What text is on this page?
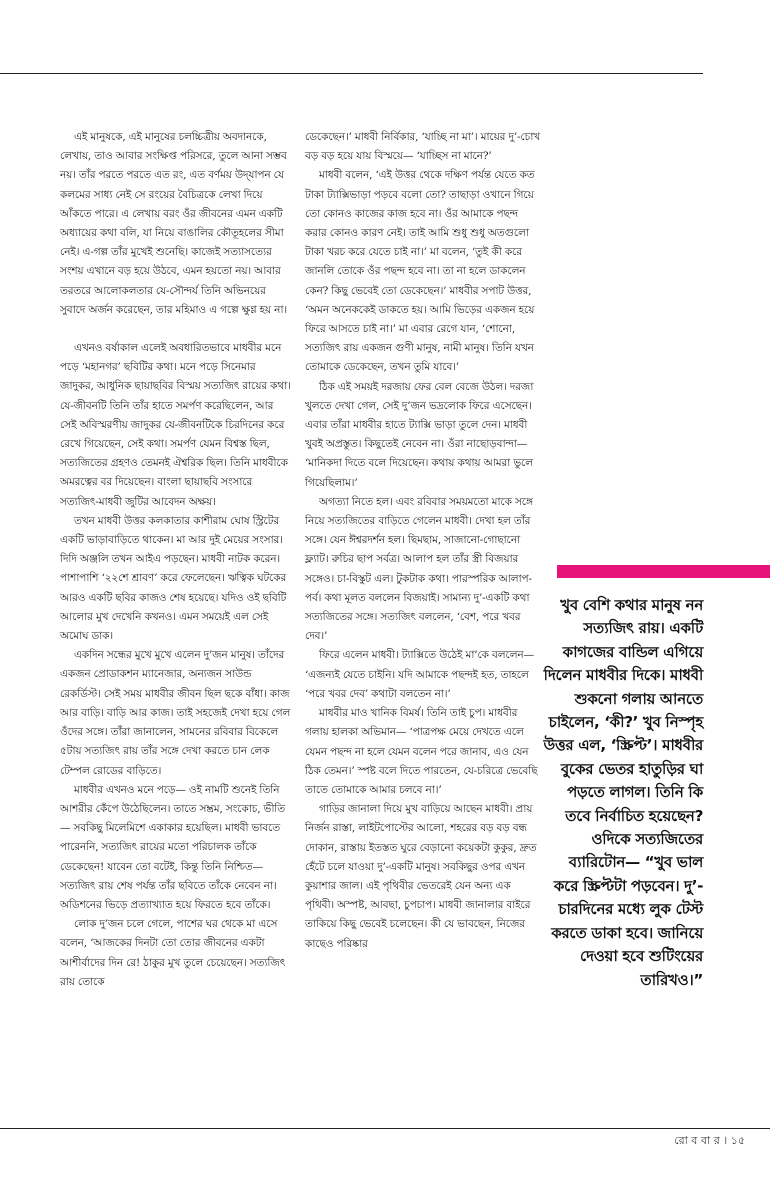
এই মানুষকে, এই মানুষের চলচ্চিত্রীয় অবদানকে, লেখায়, তাও আবার সংক্ষিপ্ত পরিসরে, তুলে আনা সম্ভব নয়। তাঁর পরতে পরতে এত রং, এত বর্ণময় উদ্‌যাপন যে কলমের সাধ্য নেই সে রংয়ের বৈচিত্রকে লেখা দিয়ে আঁকতে পারে। এ লেখায় বরং ওঁর জীবনের এমন একটি অধ্যায়ের কথা বলি, যা নিয়ে বাঙালির কৌতূহলের সীমা নেই। এ-গল্প তাঁর মুখেই শুনেছি। কাজেই সত্যাসত্যের সংশয় এখানে বড় হয়ে উঠবে, এমন হয়তো নয়। আবার তরতরে আলোকলতার যে-সৌন্দর্য তিনি অভিনয়ের সুবাদে অর্জন করেছেন, তার মহিমাও এ গল্পে ক্ষুণ্ণ হয় না।

এখনও বর্ষাকাল এলেই অবধারিতভাবে মাধবীর মনে পড়ে ‘মহানগর’ ছবিটির কথা। মনে পড়ে সিনেমার জাদুকর, আধুনিক ছায়াছবির বিস্ময় সত্যজিৎ রায়ের কথা। যে-জীবনটি তিনি তাঁর হাতে সমর্পণ করেছিলেন, আর সেই অবিস্মরণীয় জাদুকর যে-জীবনটিকে চিরদিনের করে রেখে গিয়েছেন, সেই কথা। সমর্পণ যেমন বিশ্বস্ত ছিল, সত্যজিতের গ্রহণও তেমনই ঐশ্বরিক ছিল। তিনি মাধবীকে অমরত্বের বর দিয়েছেন। বাংলা ছায়াছবি সংসারে সত্যজিৎ-মাধবী জুটির আবেদন অক্ষয়।

তখন মাধবী উত্তর কলকাতার কাশীরাম ঘোষ স্ট্রিটের একটি ভাড়াবাড়িতে থাকেন। মা আর দুই মেয়ের সংসার। দিদি অঞ্জলি তখন আইএ পড়ছেন। মাধবী নাটক করেন। পাশাপাশি ‘২২শে শ্রাবণ’ করে ফেলেছেন। ঋত্বিক ঘটকের আরও একটি ছবির কাজও শেষ হয়েছে। যদিও ওই ছবিটি আলোর মুখ দেখেনি কখনও। এমন সময়েই এল সেই অমোঘ ডাক।

একদিন সন্ধের মুখে মুখে এলেন দু’জন মানুষ। তাঁদের একজন প্রোডাকশন ম্যানেজার, অন্যজন সাউন্ড রেকর্ডিস্ট। সেই সময় মাধবীর জীবন ছিল ছকে বাঁধা। কাজ আর বাড়ি। বাড়ি আর কাজ। তাই সহজেই দেখা হয়ে গেল ওঁদের সঙ্গে। তাঁরা জানালেন, সামনের রবিবার বিকেলে ৫টায় সত্যজিৎ রায় তাঁর সঙ্গে দেখা করতে চান লেক টেম্পল রোডের বাড়িতে।

মাধবীর এখনও মনে পড়ে— ওই নামটি শুনেই তিনি আশরীর কেঁপে উঠেছিলেন। তাতে সম্ভ্রম, সংকোচ, ভীতি— সবকিছু মিলেমিশে একাকার হয়েছিল। মাধবী ভাবতে পারেননি, সত্যজিৎ রায়ের মতো পরিচালক তাঁকে ডেকেছেন! যাবেন তো বটেই, কিন্তু তিনি নিশ্চিত— সত্যজিৎ রায় শেষ পর্যন্ত তাঁর ছবিতে তাঁকে নেবেন না। অডিশনের ভিড়ে প্রত্যাখ্যাত হয়ে ফিরতে হবে তাঁকে।

লোক দু’জন চলে গেলে, পাশের ঘর থেকে মা এসে বলেন, ‘আজকের দিনটা তো তোর জীবনের একটা আশীর্বাদের দিন রে! ঠাকুর মুখ তুলে চেয়েছেন। সত্যজিৎ রায় তোকে

ডেকেছেন।’ মাধবী নির্বিকার, ‘যাচ্ছি না মা’। মায়ের দু’-চোখ বড় বড় হয়ে যায় বিস্ময়ে— ‘যাচ্ছিস না মানে?’

মাধবী বলেন, ‘এই উত্তর থেকে দক্ষিণ পর্যন্ত যেতে কত টাকা ট্যাক্সিভাড়া পড়বে বলো তো? তাছাড়া ওখানে গিয়ে তো কোনও কাজের কাজ হবে না। ওঁর আমাকে পছন্দ করার কোনও কারণ নেই। তাই আমি শুধু শুধু অতগুলো টাকা খরচ করে যেতে চাই না।’ মা বলেন, ‘তুই কী করে জানলি তোকে ওঁর পছন্দ হবে না। তা না হলে ডাকলেন কেন? কিছু ভেবেই তো ডেকেছেন।’ মাধবীর সপাট উত্তর, ‘অমন অনেককেই ডাকতে হয়। আমি ভিড়ের একজন হয়ে ফিরে আসতে চাই না।’ মা এবার রেগে যান, ‘শোনো, সত্যজিৎ রায় একজন গুণী মানুষ, নামী মানুষ। তিনি যখন তোমাকে ডেকেছেন, তখন তুমি যাবে।’

ঠিক এই সময়ই দরজায় ফের বেল বেজে উঠল। দরজা খুলতে দেখা গেল, সেই দু’জন ভদ্রলোক ফিরে এসেছেন। এবার তাঁরা মাধবীর হাতে ট্যাক্সি ভাড়া তুলে দেন। মাধবী খুবই অপ্রস্তুত। কিছুতেই নেবেন না। ওঁরা নাছোড়বান্দা— ‘মানিকদা দিতে বলে দিয়েছেন। কথায় কথায় আমরা ভুলে গিয়েছিলাম।’

অগত্যা নিতে হল। এবং রবিবার সময়মতো মাকে সঙ্গে নিয়ে সত্যজিতের বাড়িতে গেলেন মাধবী। দেখা হল তাঁর সঙ্গে। যেন ঈশ্বরদর্শন হল। ছিমছাম, সাজানো-গোছানো ফ্ল্যাট। রুচির ছাপ সর্বত্র। আলাপ হল তাঁর স্ত্রী বিজয়ার সঙ্গেও। চা-বিস্কুট এল। টুকটাক কথা। পারস্পরিক আলাপ-পর্ব। কথা মূলত বললেন বিজয়াই। সামান্য দু’-একটি কথা সত্যজিতের সঙ্গে। সত্যজিৎ বললেন, ‘বেশ, পরে খবর দেব।’

ফিরে এলেন মাধবী। ট্যাক্সিতে উঠেই মা’কে বললেন— ‘এজন্যই যেতে চাইনি। যদি আমাকে পছন্দই হত, তাহলে ‘পরে খবর দেব’ কথাটা বলতেন না।’

মাধবীর মাও খানিক বিমর্ষ। তিনি তাই চুপ। মাধবীর গলায় হালকা অভিমান— ‘পাত্রপক্ষ মেয়ে দেখতে এলে যেমন পছন্দ না হলে যেমন বলেন পরে জানাব, এও যেন ঠিক তেমন।’ স্পষ্ট বলে দিতে পারতেন, যে-চরিত্রে ভেবেছি তাতে তোমাকে আমার চলবে না।’

গাড়ির জানালা দিয়ে মুখ বাড়িয়ে আছেন মাধবী। প্রায় নির্জন রাস্তা, লাইটপোস্টের আলো, শহরের বড় বড় বন্ধ দোকান, রাস্তায় ইতস্তত ঘুরে বেড়ানো কয়েকটা কুকুর, দ্রুত হেঁটে চলে যাওয়া দু’-একটি মানুষ। সবকিছুর ওপর এখন কুয়াশার জাল। এই পৃথিবীর ভেতরেই যেন অন্য এক পৃথিবী। অস্পষ্ট, আবছা, চুপচাপ। মাধবী জানালার বাইরে তাকিয়ে কিছু ভেবেই চলেছেন। কী যে ভাবছেন, নিজের কাছেও পরিষ্কার

খুব বেশি কথার মানুষ নন সত্যজিৎ রায়। একটি কাগজের বান্ডিল এগিয়ে দিলেন মাধবীর দিকে। মাধবী শুকনো গলায় আনতে চাইলেন, ‘কী?’ খুব নিস্পৃহ উত্তর এল, ‘স্ক্রিপ্ট’। মাধবীর বুকের ভেতর হাতুড়ির ঘা পড়তে লাগল। তিনি কি তবে নির্বাচিত হয়েছেন? ওদিকে সত্যজিতের ব্যারিটোন— “খুব ভাল করে স্ক্রিপ্টটা পড়বেন। দু’-চারদিনের মধ্যে লুক টেস্ট করতে ডাকা হবে। জানিয়ে দেওয়া হবে শুটিংয়ের তারিখও।”
রো ব বা র । ১৫
